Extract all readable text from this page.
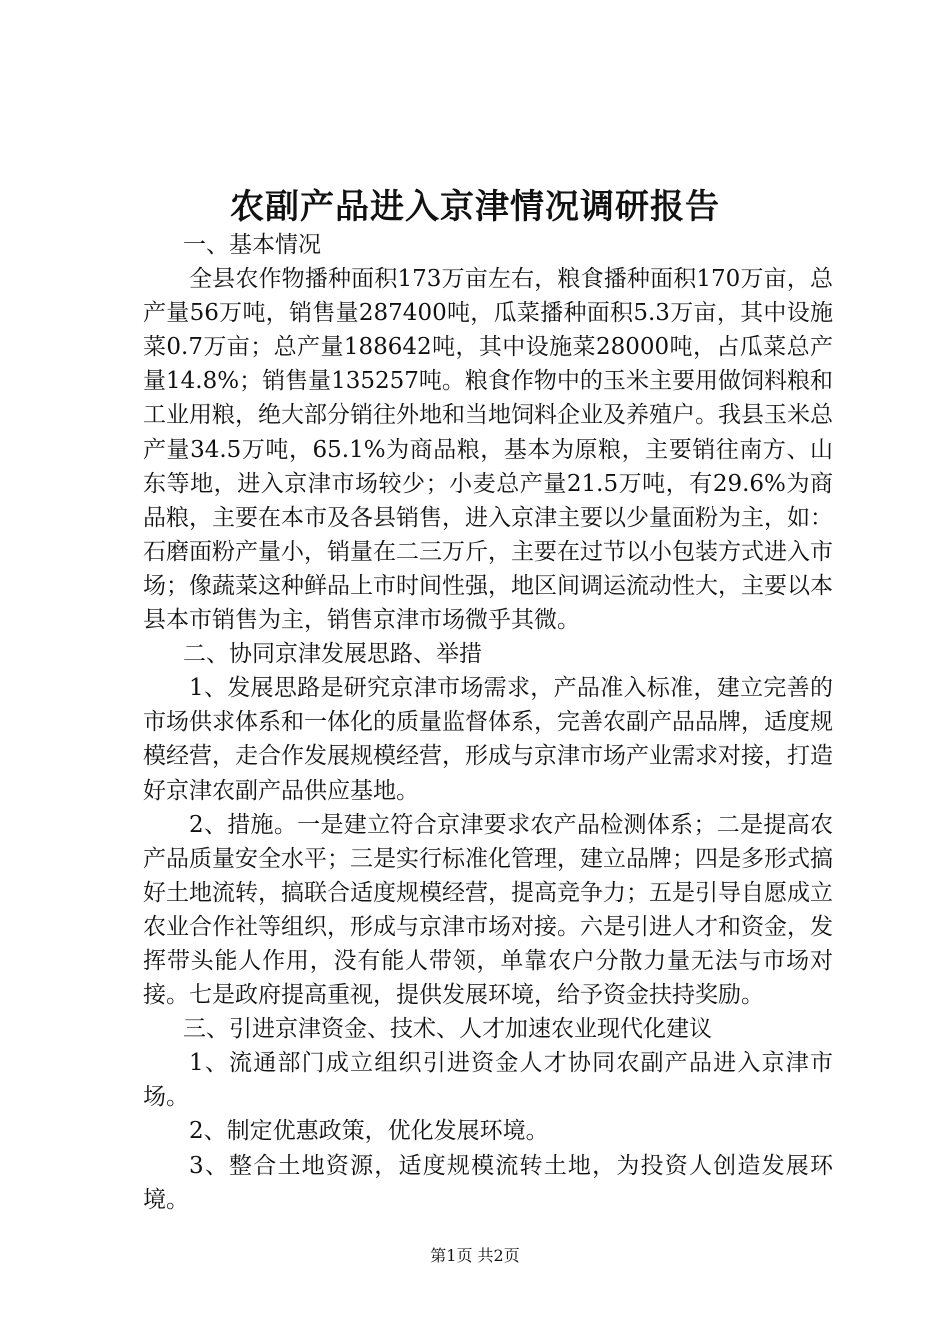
农副产品进入京津情况调研报告

一、基本情况

全县农作物播种面积173万亩左右，粮食播种面积170万亩，总产量56万吨，销售量287400吨，瓜菜播种面积5.3万亩，其中设施菜0.7万亩；总产量188642吨，其中设施菜28000吨，占瓜菜总产量14.8%；销售量135257吨。粮食作物中的玉米主要用做饲料粮和工业用粮，绝大部分销往外地和当地饲料企业及养殖户。我县玉米总产量34.5万吨，65.1%为商品粮，基本为原粮，主要销往南方、山东等地，进入京津市场较少；小麦总产量21.5万吨，有29.6%为商品粮，主要在本市及各县销售，进入京津主要以少量面粉为主，如：石磨面粉产量小，销量在二三万斤，主要在过节以小包装方式进入市场；像蔬菜这种鲜品上市时间性强，地区间调运流动性大，主要以本县本市销售为主，销售京津市场微乎其微。

二、协同京津发展思路、举措

1、发展思路是研究京津市场需求，产品准入标准，建立完善的市场供求体系和一体化的质量监督体系，完善农副产品品牌，适度规模经营，走合作发展规模经营，形成与京津市场产业需求对接，打造好京津农副产品供应基地。

2、措施。一是建立符合京津要求农产品检测体系；二是提高农产品质量安全水平；三是实行标准化管理，建立品牌；四是多形式搞好土地流转，搞联合适度规模经营，提高竞争力；五是引导自愿成立农业合作社等组织，形成与京津市场对接。六是引进人才和资金，发挥带头能人作用，没有能人带领，单靠农户分散力量无法与市场对接。七是政府提高重视，提供发展环境，给予资金扶持奖励。

三、引进京津资金、技术、人才加速农业现代化建议

1、流通部门成立组织引进资金人才协同农副产品进入京津市场。

2、制定优惠政策，优化发展环境。

3、整合土地资源，适度规模流转土地，为投资人创造发展环境。

第1页 共2页
